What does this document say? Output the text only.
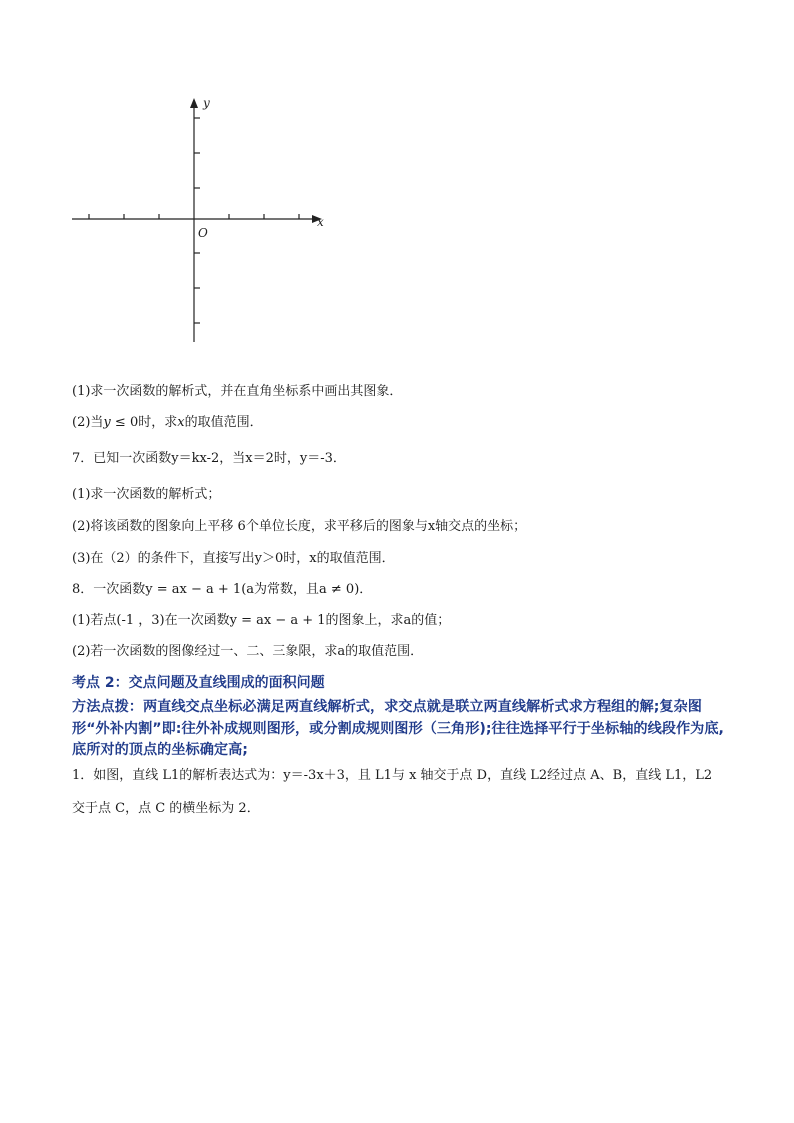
y
x
O
(1)求一次函数的解析式，并在直角坐标系中画出其图象．
(2)当y ≤ 0时，求x的取值范围．
7．已知一次函数y＝kx-2，当x＝2时，y＝-3．
(1)求一次函数的解析式；
(2)将该函数的图象向上平移 6个单位长度，求平移后的图象与x轴交点的坐标；
(3)在（2）的条件下，直接写出y＞0时，x的取值范围．
8．一次函数y = ax − a + 1(a为常数，且a ≠ 0)．
(1)若点(-1 ，3)在一次函数y = ax − a + 1的图象上，求a的值；
(2)若一次函数的图像经过一、二、三象限，求a的取值范围．
考点 2：交点问题及直线围成的面积问题
方法点拨：两直线交点坐标必满足两直线解析式，求交点就是联立两直线解析式求方程组的解;复杂图形“外补内割”即:往外补成规则图形，或分割成规则图形（三角形);往往选择平行于坐标轴的线段作为底,底所对的顶点的坐标确定高;
1．如图，直线 L1的解析表达式为：y＝-3x＋3，且 L1与 x 轴交于点 D，直线 L2经过点 A、B，直线 L1，L2
交于点 C，点 C 的横坐标为 2．
